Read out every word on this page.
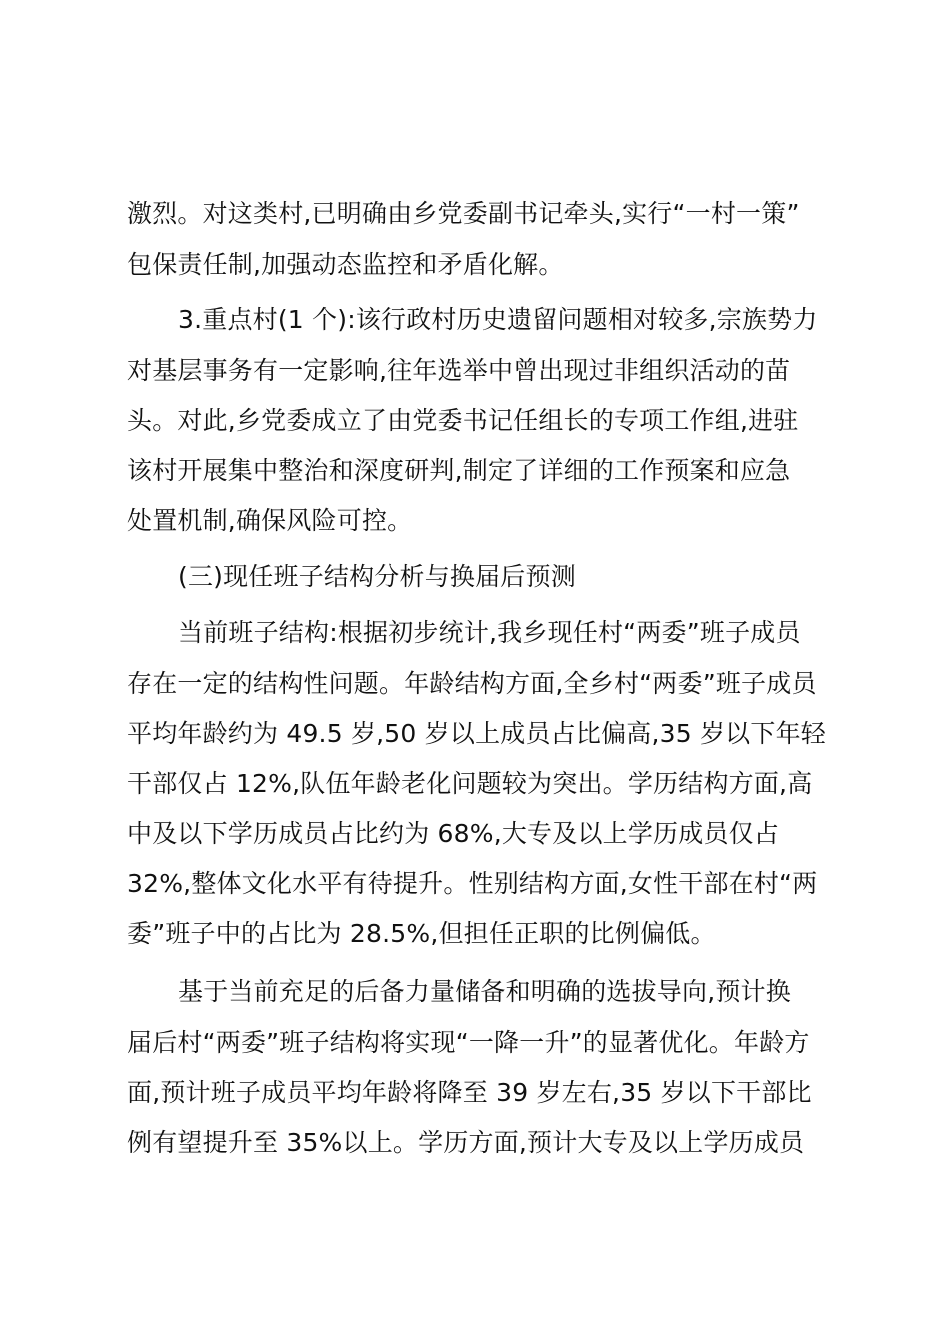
激烈。对这类村,已明确由乡党委副书记牵头,实行“一村一策”

包保责任制,加强动态监控和矛盾化解。

3.重点村(1 个):该行政村历史遗留问题相对较多,宗族势力

对基层事务有一定影响,往年选举中曾出现过非组织活动的苗

头。对此,乡党委成立了由党委书记任组长的专项工作组,进驻

该村开展集中整治和深度研判,制定了详细的工作预案和应急

处置机制,确保风险可控。

(三)现任班子结构分析与换届后预测

当前班子结构:根据初步统计,我乡现任村“两委”班子成员

存在一定的结构性问题。年龄结构方面,全乡村“两委”班子成员

平均年龄约为 49.5 岁,50 岁以上成员占比偏高,35 岁以下年轻

干部仅占 12%,队伍年龄老化问题较为突出。学历结构方面,高

中及以下学历成员占比约为 68%,大专及以上学历成员仅占

32%,整体文化水平有待提升。性别结构方面,女性干部在村“两

委”班子中的占比为 28.5%,但担任正职的比例偏低。

基于当前充足的后备力量储备和明确的选拔导向,预计换

届后村“两委”班子结构将实现“一降一升”的显著优化。年龄方

面,预计班子成员平均年龄将降至 39 岁左右,35 岁以下干部比

例有望提升至 35%以上。学历方面,预计大专及以上学历成员
